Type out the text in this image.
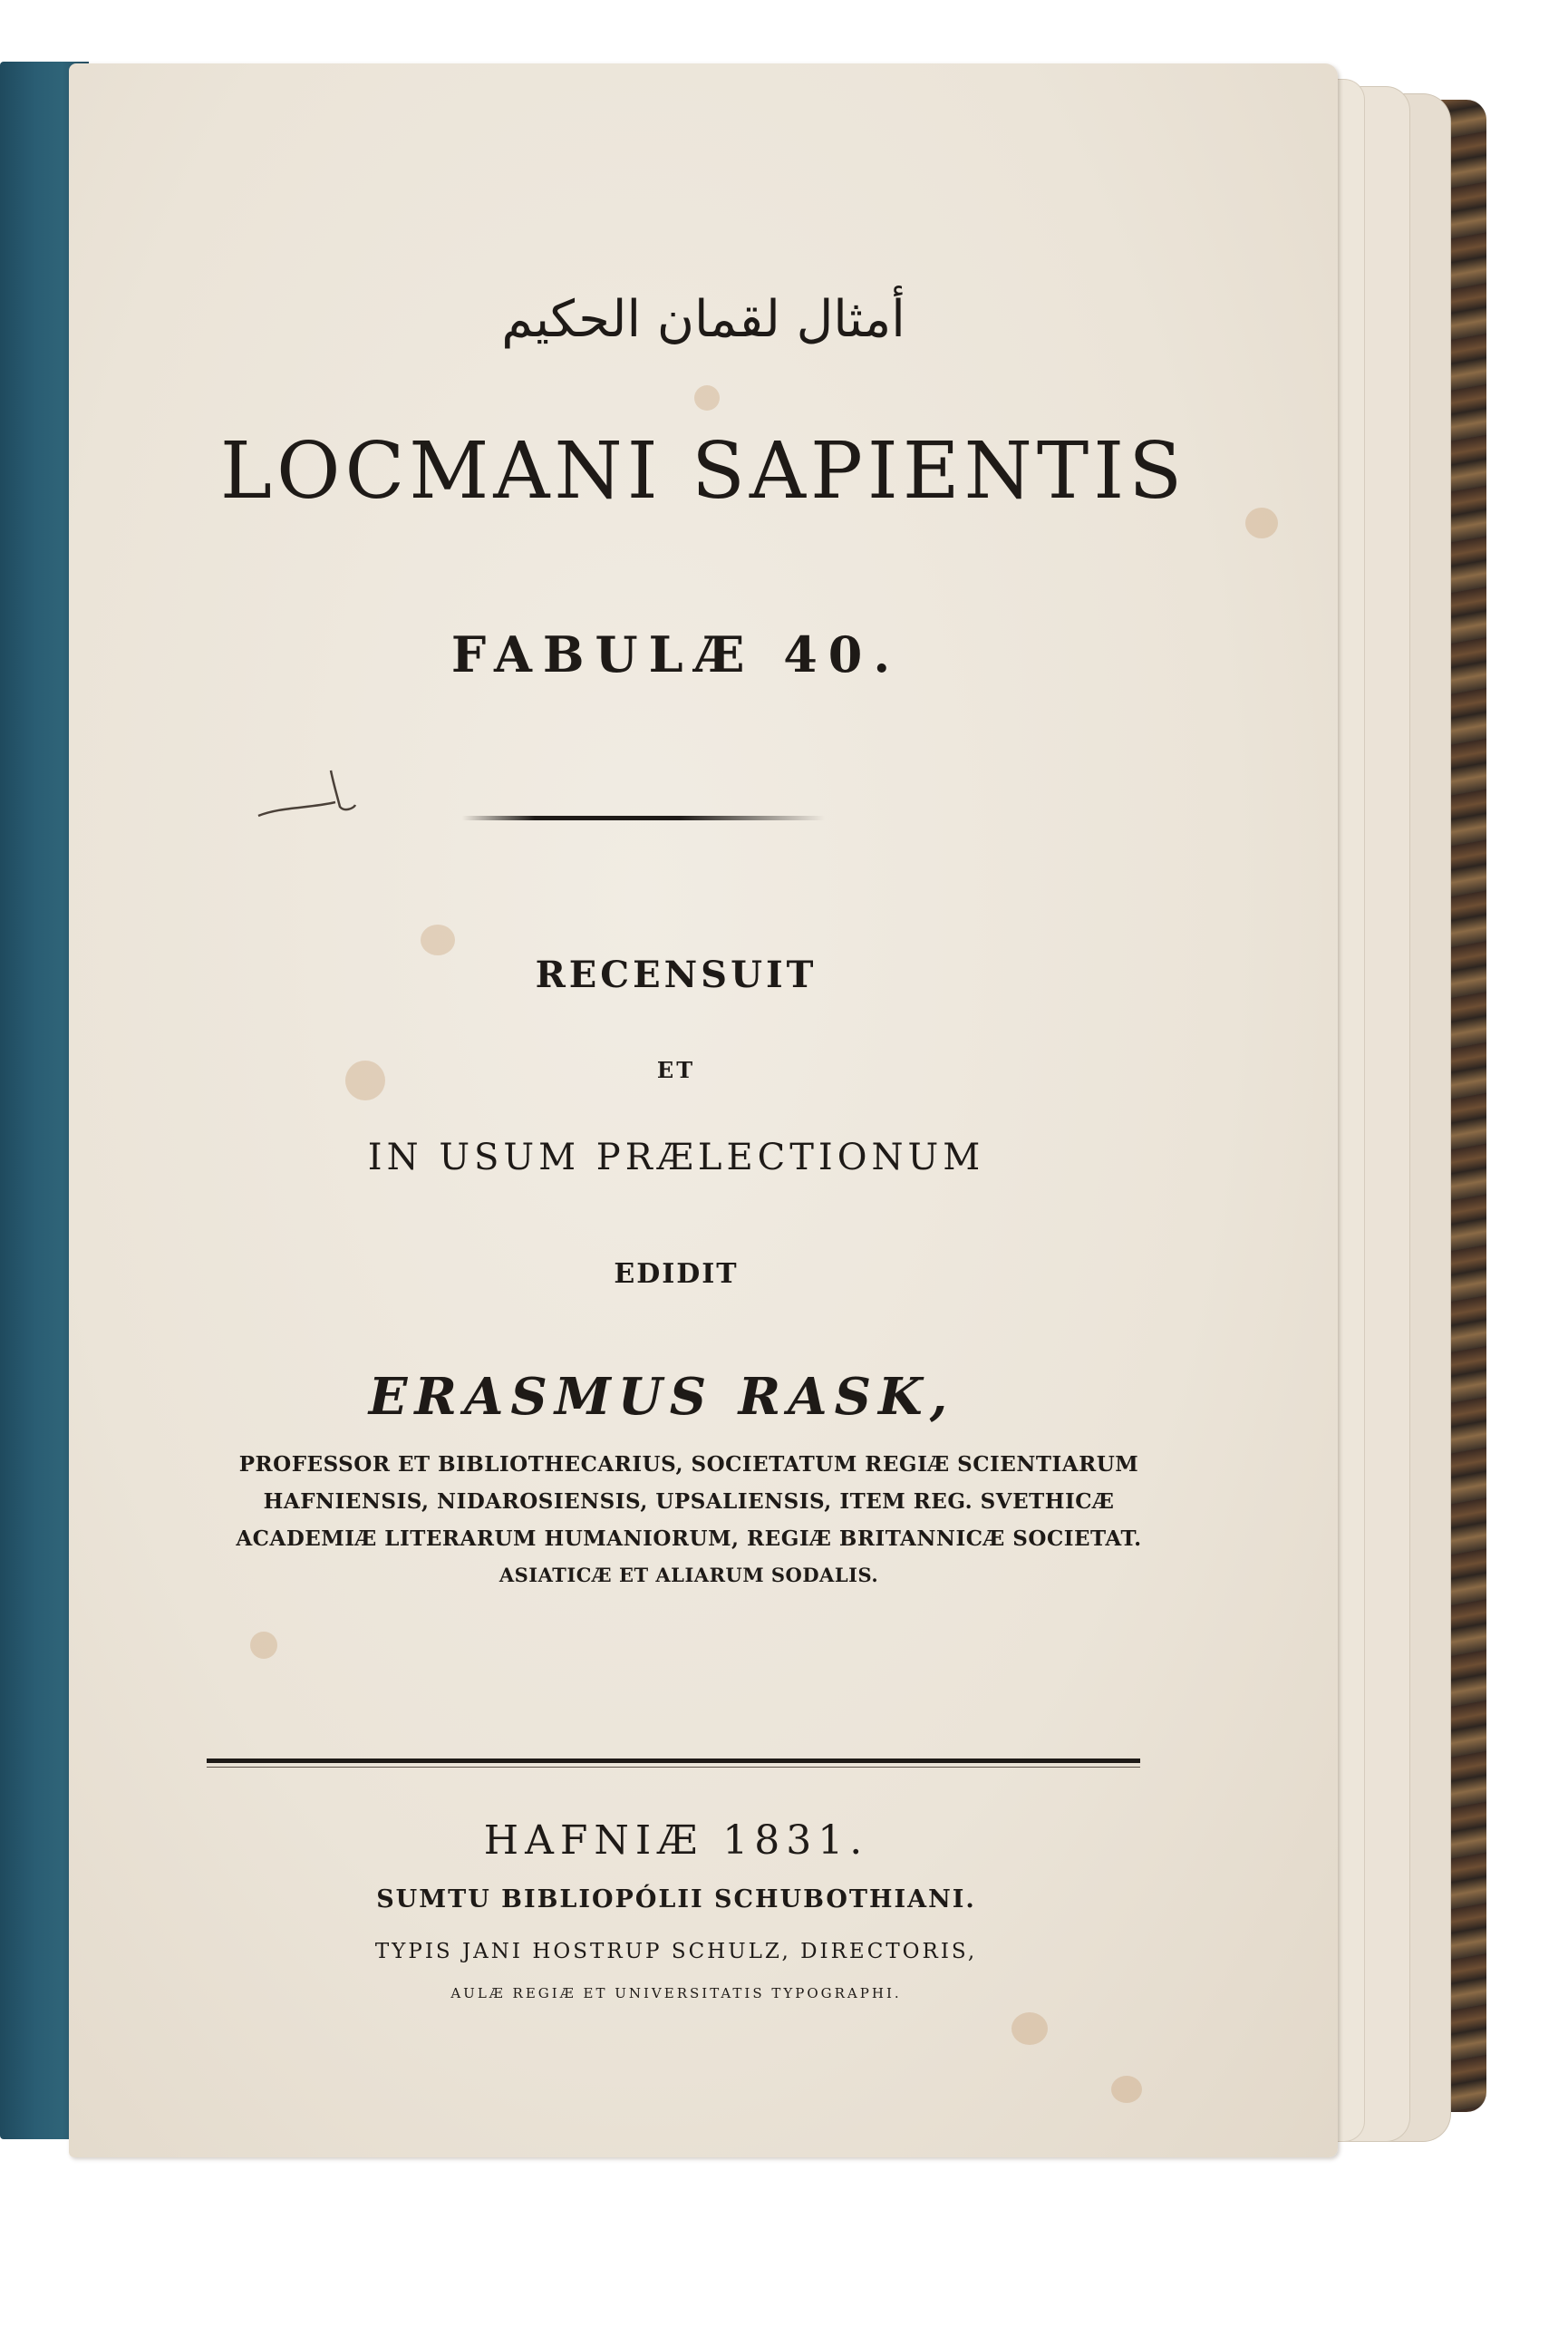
أمثال لقمان الحكيم
LOCMANI SAPIENTIS
FABULÆ 40.
RECENSUIT
ET
IN USUM PRÆLECTIONUM
EDIDIT
ERASMUS RASK,
PROFESSOR ET BIBLIOTHECARIUS, SOCIETATUM REGIÆ SCIENTIARUM
HAFNIENSIS, NIDAROSIENSIS, UPSALIENSIS, ITEM REG. SVETHICÆ
ACADEMIÆ LITERARUM HUMANIORUM, REGIÆ BRITANNICÆ SOCIETAT.
ASIATICÆ ET ALIARUM SODALIS.
HAFNIÆ 1831.
SUMTU BIBLIOPÓLII SCHUBOTHIANI.
TYPIS JANI HOSTRUP SCHULZ, DIRECTORIS,
AULÆ REGIÆ ET UNIVERSITATIS TYPOGRAPHI.
